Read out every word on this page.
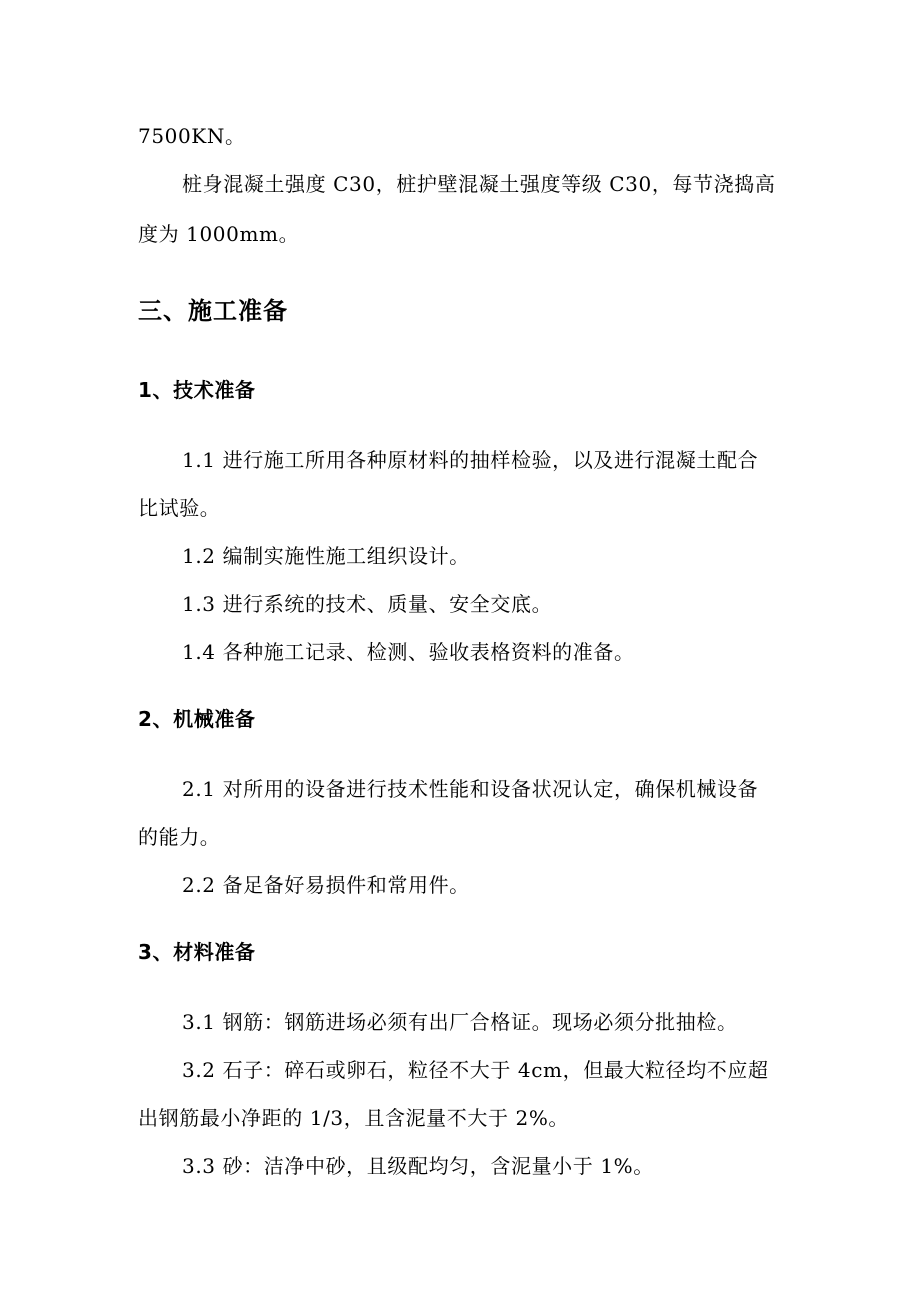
7500KN。
桩身混凝土强度 C30，桩护壁混凝土强度等级 C30，每节浇捣高
度为 1000mm。
三、施工准备
1、技术准备
1.1 进行施工所用各种原材料的抽样检验，以及进行混凝土配合
比试验。
1.2 编制实施性施工组织设计。
1.3 进行系统的技术、质量、安全交底。
1.4 各种施工记录、检测、验收表格资料的准备。
2、机械准备
2.1 对所用的设备进行技术性能和设备状况认定，确保机械设备
的能力。
2.2 备足备好易损件和常用件。
3、材料准备
3.1 钢筋：钢筋进场必须有出厂合格证。现场必须分批抽检。
3.2 石子：碎石或卵石，粒径不大于 4cm，但最大粒径均不应超
出钢筋最小净距的 1/3，且含泥量不大于 2%。
3.3 砂：洁净中砂，且级配均匀，含泥量小于 1%。
